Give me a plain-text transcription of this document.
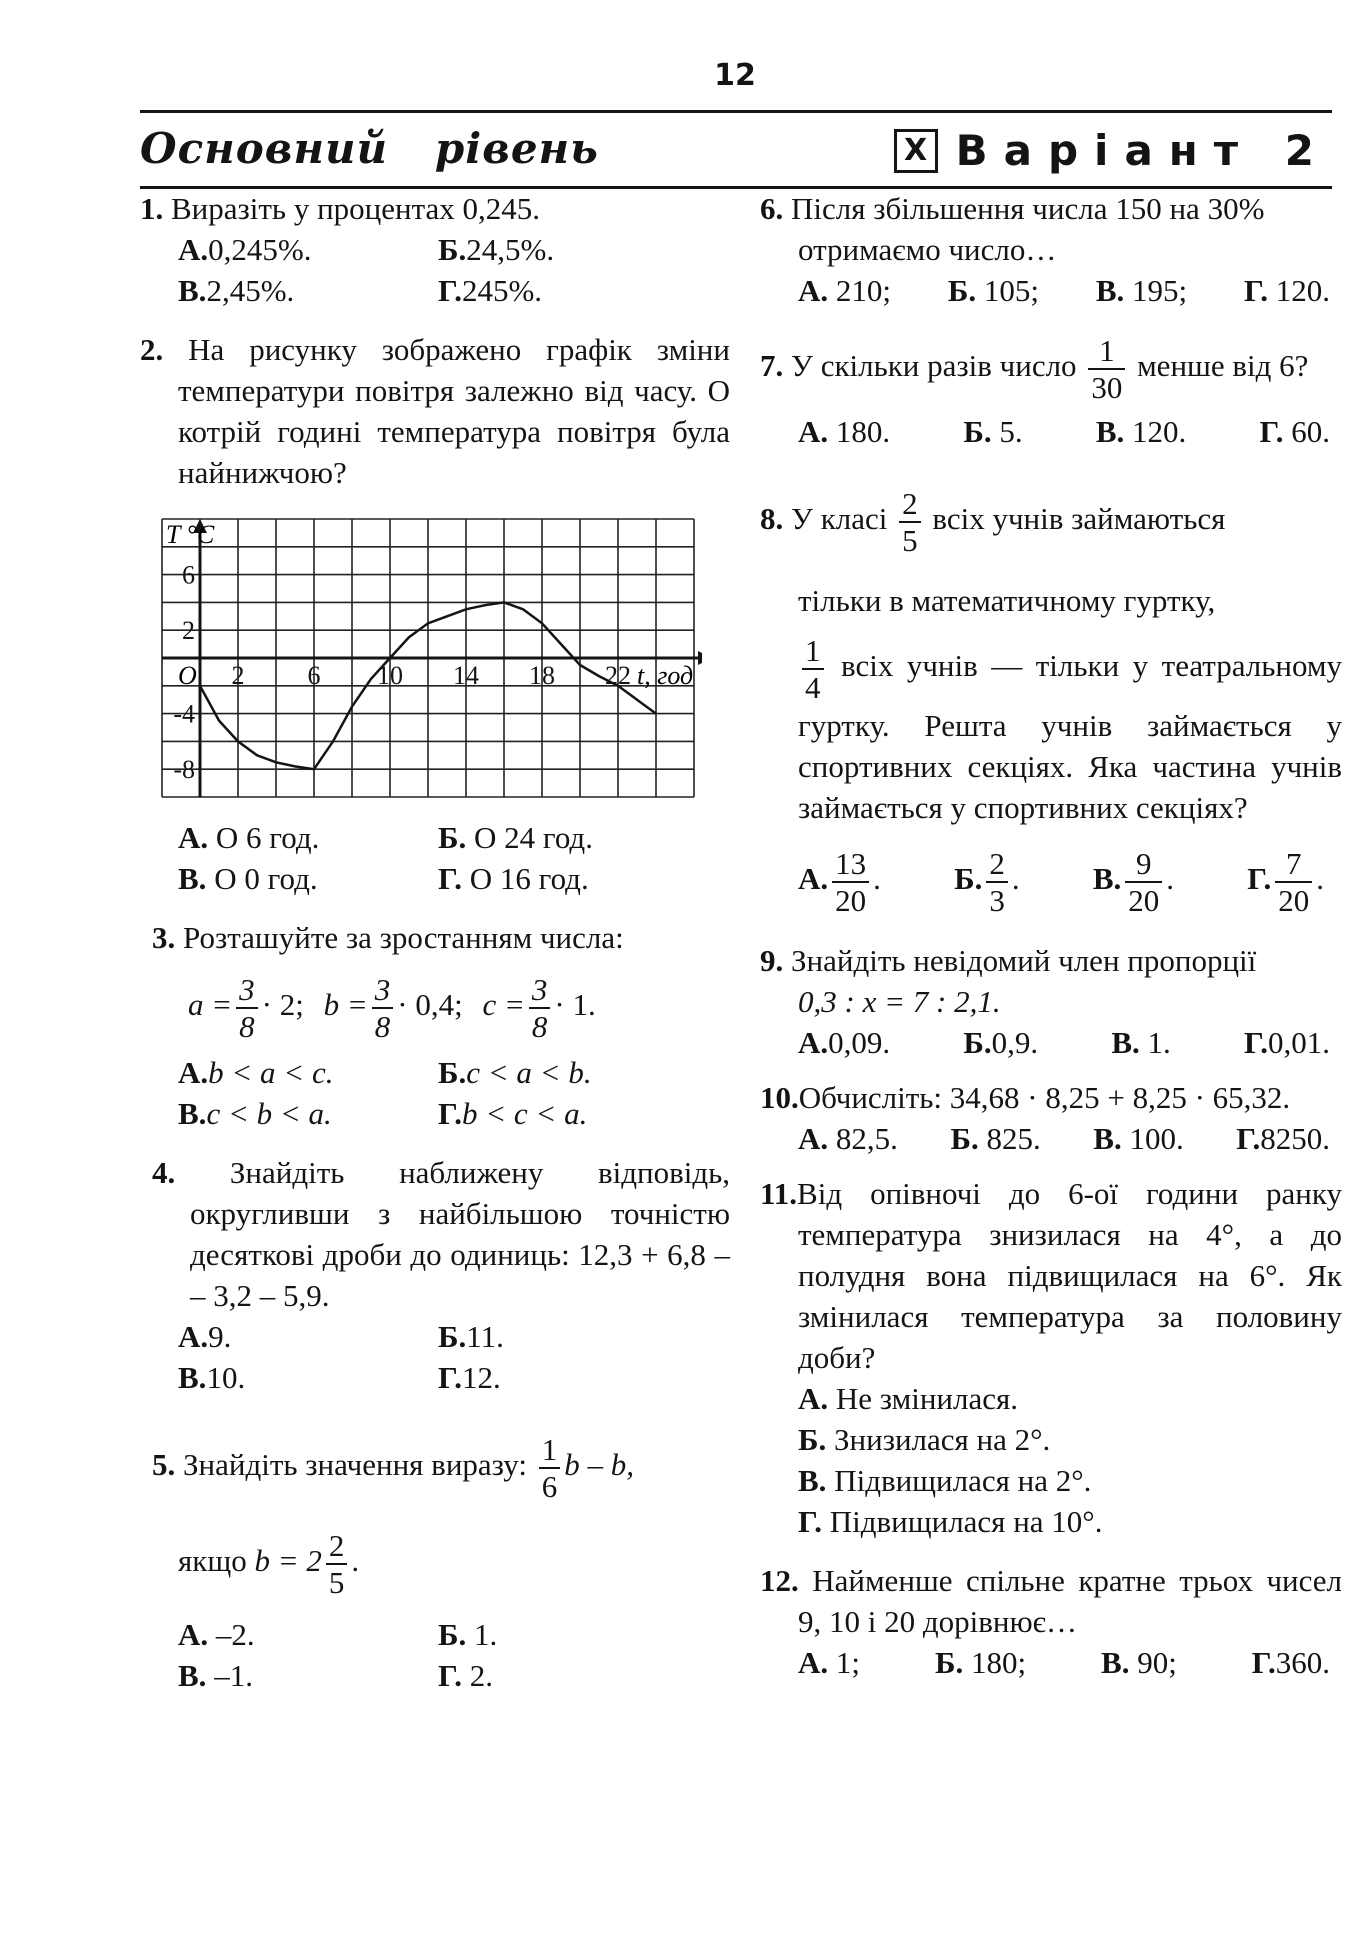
12
Основний   рівень	Х Варіант 2
1. Виразіть у процентах 0,245.
А.0,245%.	Б.24,5%.
В.2,45%.	Г.245%.
2. На рисунку зображено графік зміни температури повітря залежно від часу. О котрій годині температура повітря була найнижчою?
2 6 10 14 18 22
6
2
-4
-8
T °C
t, год
O
А. О 6 год.	Б. О 24 год.
В. О 0 год.	Г. О 16 год.
3. Розташуйте за зростанням числа:
$a = \frac{3}{8} \cdot 2$; $b = \frac{3}{8} \cdot 0,4$; $c = \frac{3}{8} \cdot 1$.
А.b < a < c.	Б.c < a < b.
В.c < b < a.	Г.b < c < a.
4. Знайдіть наближену відповідь, округливши з найбільшою точністю десяткові дроби до одиниць: 12,3 + 6,8 – – 3,2 – 5,9.
А.9.	Б.11.
В.10.	Г.12.
5. Знайдіть значення виразу: $\frac{1}{6}$ b – b,
якщо $b = 2 \frac{2}{5}$ .
А. –2.	Б. 1.
В. –1.	Г. 2.
6. Після збільшення числа 150 на 30% отримаємо число…
А. 210; Б. 105; В. 195; Г. 120.
7. У скільки разів число $\frac{1}{30}$ менше від 6?
А. 180. Б. 5. В. 120. Г. 60.
8. У класі $\frac{2}{5}$ всіх учнів займаються
тільки в математичному гуртку,
$\frac{1}{4}$ всіх учнів — тільки у театральному гуртку. Решта учнів займається у спортивних секціях. Яка частина учнів займається у спортивних секціях?
А. $\frac{13}{20}$ . Б. $\frac{2}{3}$ . В. $\frac{9}{20}$ . Г. $\frac{7}{20}$ .
9. Знайдіть невідомий член пропорції
0,3 : x = 7 : 2,1.
А.0,09. Б.0,9. В. 1. Г.0,01.
10.Обчисліть: 34,68 · 8,25 + 8,25 · 65,32.
А. 82,5. Б. 825. В. 100. Г.8250.
11.Від опівночі до 6-ої години ранку температура знизилася на 4°, а до полудня вона підвищилася на 6°. Як змінилася температура за половину доби?
А. Не змінилася.
Б. Знизилася на 2°.
В. Підвищилася на 2°.
Г. Підвищилася на 10°.
12. Найменше спільне кратне трьох чисел 9, 10 і 20 дорівнює…
А. 1; Б. 180; В. 90; Г.360.
